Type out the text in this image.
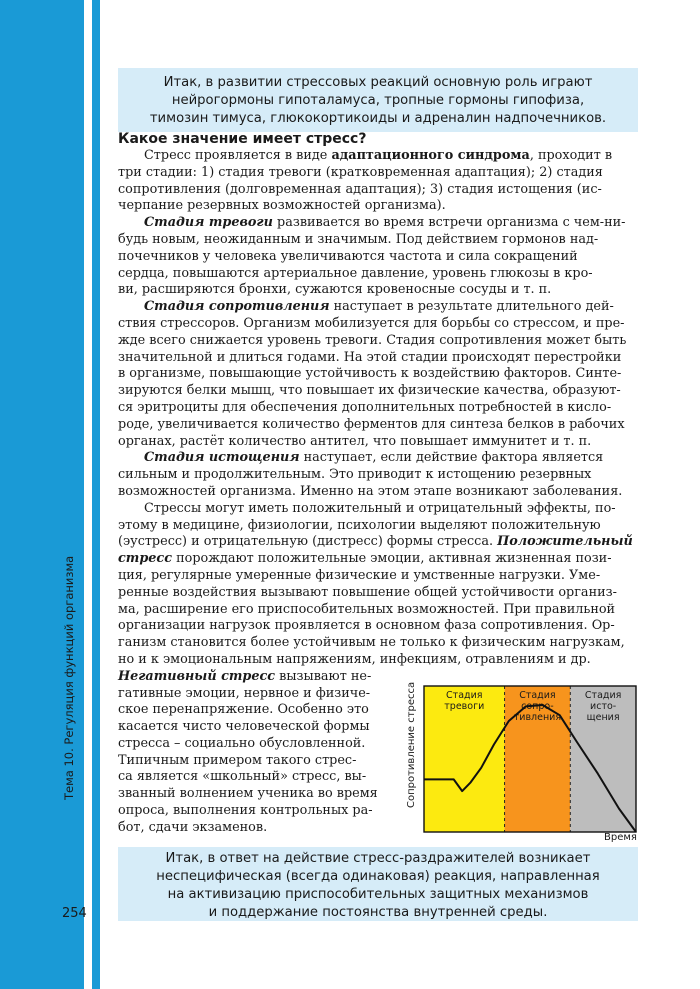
Тема 10. Регуляция функций организма
254
Итак, в развитии стрессовых реакций основную роль играют
нейрогормоны гипоталамуса, тропные гормоны гипофиза,
тимозин тимуса, глюкокортикоиды и адреналин надпочечников.
Какое значение имеет стресс?
Стресс проявляется в виде адаптационного синдрома, проходит в
три стадии: 1) стадия тревоги (кратковременная адаптация); 2) стадия
сопротивления (долговременная адаптация); 3) стадия истощения (ис-
черпание резервных возможностей организма).
Стадия тревоги развивается во время встречи организма с чем-ни-
будь новым, неожиданным и значимым. Под действием гормонов над-
почечников у человека увеличиваются частота и сила сокращений
сердца, повышаются артериальное давление, уровень глюкозы в кро-
ви, расширяются бронхи, сужаются кровеносные сосуды и т. п.
Стадия сопротивления наступает в результате длительного дей-
ствия стрессоров. Организм мобилизуется для борьбы со стрессом, и пре-
жде всего снижается уровень тревоги. Стадия сопротивления может быть
значительной и длиться годами. На этой стадии происходят перестройки
в организме, повышающие устойчивость к воздействию факторов. Синте-
зируются белки мышц, что повышает их физические качества, образуют-
ся эритроциты для обеспечения дополнительных потребностей в кисло-
роде, увеличивается количество ферментов для синтеза белков в рабочих
органах, растёт количество антител, что повышает иммунитет и т. п.
Стадия истощения наступает, если действие фактора является
сильным и продолжительным. Это приводит к истощению резервных
возможностей организма. Именно на этом этапе возникают заболевания.
Стрессы могут иметь положительный и отрицательный эффекты, по-
этому в медицине, физиологии, психологии выделяют положительную
(эустресс) и отрицательную (дистресс) формы стресса. Положительный
стресс порождают положительные эмоции, активная жизненная пози-
ция, регулярные умеренные физические и умственные нагрузки. Уме-
ренные воздействия вызывают повышение общей устойчивости организ-
ма, расширение его приспособительных возможностей. При правильной
организации нагрузок проявляется в основном фаза сопротивления. Ор-
ганизм становится более устойчивым не только к физическим нагрузкам,
но и к эмоциональным напряжениям, инфекциям, отравлениям и др.
Негативный стресс вызывают не-
гативные эмоции, нервное и физиче-
ское перенапряжение. Особенно это
касается чисто человеческой формы
стресса – социально обусловленной.
Типичным примером такого стрес-
са является «школьный» стресс, вы-
званный волнением ученика во время
опроса, выполнения контрольных ра-
бот, сдачи экзаменов.
Стадия
тревоги
Стадия
сопро-
тивления
Стадия
исто-
щения
Сопротивление стресса
Время
Итак, в ответ на действие стресс-раздражителей возникает
неспецифическая (всегда одинаковая) реакция, направленная
на активизацию приспособительных защитных механизмов
и поддержание постоянства внутренней среды.
